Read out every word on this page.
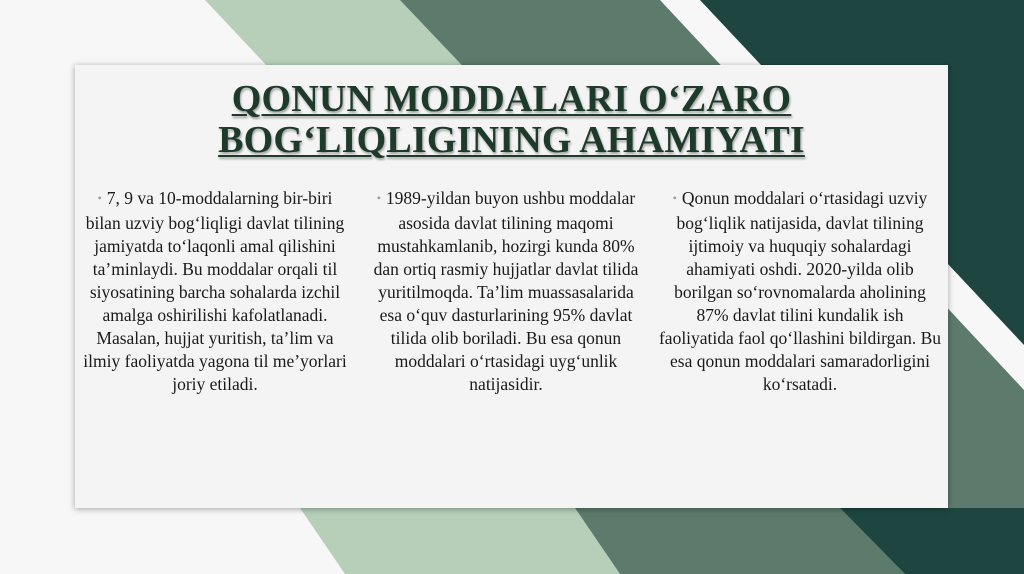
QONUN MODDALARI O‘ZARO
BOG‘LIQLIGINING AHAMIYATI
• 7, 9 va 10-moddalarning bir-biri bilan uzviy bog‘liqligi davlat tilining jamiyatda to‘laqonli amal qilishini ta’minlaydi. Bu moddalar orqali til siyosatining barcha sohalarda izchil amalga oshirilishi kafolatlanadi. Masalan, hujjat yuritish, ta’lim va ilmiy faoliyatda yagona til me’yorlari joriy etiladi.
• 1989-yildan buyon ushbu moddalar asosida davlat tilining maqomi mustahkamlanib, hozirgi kunda 80% dan ortiq rasmiy hujjatlar davlat tilida yuritilmoqda. Ta’lim muassasalarida esa o‘quv dasturlarining 95% davlat tilida olib boriladi. Bu esa qonun moddalari o‘rtasidagi uyg‘unlik natijasidir.
• Qonun moddalari o‘rtasidagi uzviy bog‘liqlik natijasida, davlat tilining ijtimoiy va huquqiy sohalardagi ahamiyati oshdi. 2020-yilda olib borilgan so‘rovnomalarda aholining 87% davlat tilini kundalik ish faoliyatida faol qo‘llashini bildirgan. Bu esa qonun moddalari samaradorligini ko‘rsatadi.
